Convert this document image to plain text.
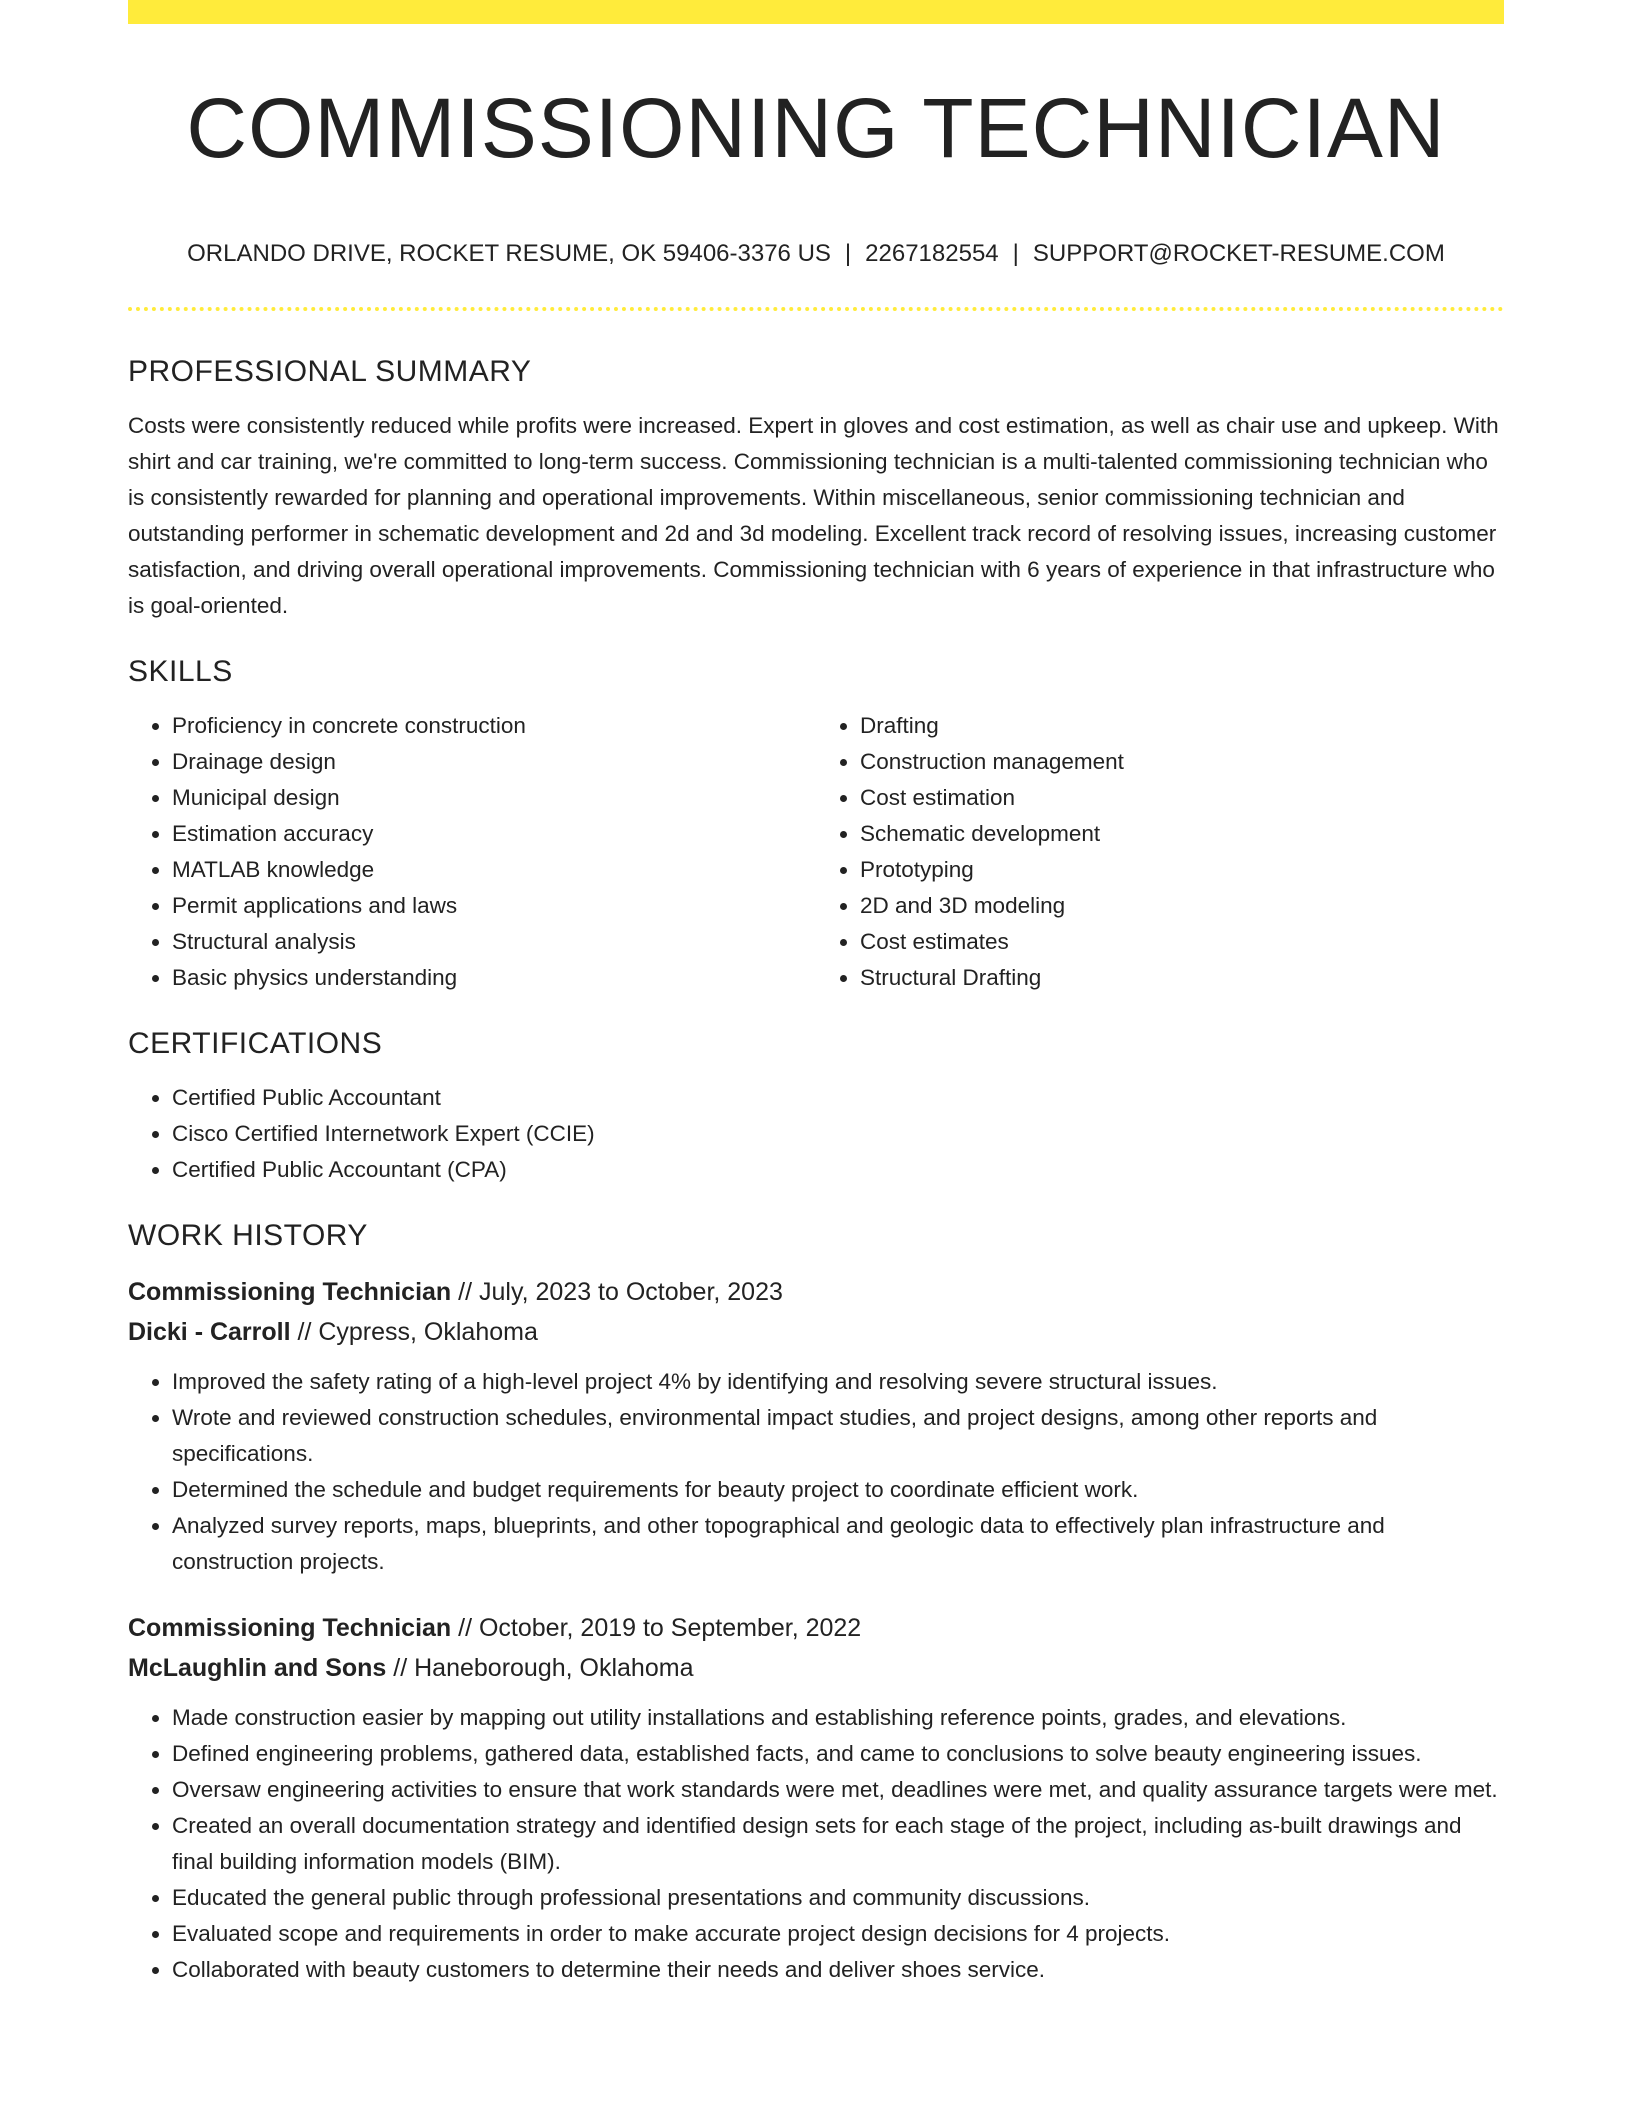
COMMISSIONING TECHNICIAN
ORLANDO DRIVE, ROCKET RESUME, OK 59406-3376 US | 2267182554 | SUPPORT@ROCKET-RESUME.COM
PROFESSIONAL SUMMARY

Costs were consistently reduced while profits were increased. Expert in gloves and cost estimation, as well as chair use and upkeep. With shirt and car training, we're committed to long-term success. Commissioning technician is a multi-talented commissioning technician who is consistently rewarded for planning and operational improvements. Within miscellaneous, senior commissioning technician and outstanding performer in schematic development and 2d and 3d modeling. Excellent track record of resolving issues, increasing customer satisfaction, and driving overall operational improvements. Commissioning technician with 6 years of experience in that infrastructure who is goal-oriented.

SKILLS
• Proficiency in concrete construction
• Drainage design
• Municipal design
• Estimation accuracy
• MATLAB knowledge
• Permit applications and laws
• Structural analysis
• Basic physics understanding
• Drafting
• Construction management
• Cost estimation
• Schematic development
• Prototyping
• 2D and 3D modeling
• Cost estimates
• Structural Drafting
CERTIFICATIONS
• Certified Public Accountant
• Cisco Certified Internetwork Expert (CCIE)
• Certified Public Accountant (CPA)
WORK HISTORY

Commissioning Technician // July, 2023 to October, 2023

Dicki - Carroll // Cypress, Oklahoma

• Improved the safety rating of a high-level project 4% by identifying and resolving severe structural issues.
• Wrote and reviewed construction schedules, environmental impact studies, and project designs, among other reports and specifications.
• Determined the schedule and budget requirements for beauty project to coordinate efficient work.
• Analyzed survey reports, maps, blueprints, and other topographical and geologic data to effectively plan infrastructure and construction projects.

Commissioning Technician // October, 2019 to September, 2022

McLaughlin and Sons // Haneborough, Oklahoma

• Made construction easier by mapping out utility installations and establishing reference points, grades, and elevations.
• Defined engineering problems, gathered data, established facts, and came to conclusions to solve beauty engineering issues.
• Oversaw engineering activities to ensure that work standards were met, deadlines were met, and quality assurance targets were met.
• Created an overall documentation strategy and identified design sets for each stage of the project, including as-built drawings and final building information models (BIM).
• Educated the general public through professional presentations and community discussions.
• Evaluated scope and requirements in order to make accurate project design decisions for 4 projects.
• Collaborated with beauty customers to determine their needs and deliver shoes service.
